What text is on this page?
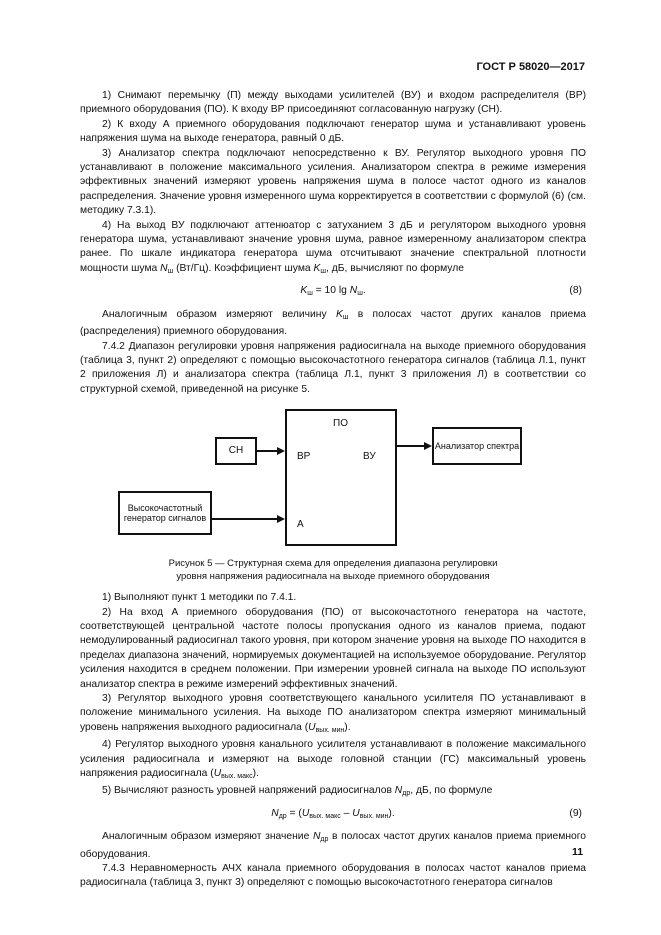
ГОСТ Р 58020—2017

1) Снимают перемычку (П) между выходами усилителей (ВУ) и входом распределителя (ВР) приемного оборудования (ПО). К входу ВР присоединяют согласованную нагрузку (СН).

2) К входу А приемного оборудования подключают генератор шума и устанавливают уровень напряжения шума на выходе генератора, равный 0 дБ.

3) Анализатор спектра подключают непосредственно к ВУ. Регулятор выходного уровня ПО устанавливают в положение максимального усиления. Анализатором спектра в режиме измерения эффективных значений измеряют уровень напряжения шума в полосе частот одного из каналов распределения. Значение уровня измеренного шума корректируется в соответствии с формулой (6) (см. методику 7.3.1).

4) На выход ВУ подключают аттенюатор с затуханием 3 дБ и регулятором выходного уровня генератора шума, устанавливают значение уровня шума, равное измеренному анализатором спектра ранее. По шкале индикатора генератора шума отсчитывают значение спектральной плотности мощности шума $N_ш$ (Вт/Гц). Коэффициент шума $K_ш$, дБ, вычисляют по формуле

$K_ш = 10$ $\lg N_ш$.	(8)

Аналогичным образом измеряют величину $K_ш$ в полосах частот других каналов приема (распределения) приемного оборудования.

7.4.2 Диапазон регулировки уровня напряжения радиосигнала на выходе приемного оборудования (таблица 3, пункт 2) определяют с помощью высокочастотного генератора сигналов (таблица Л.1, пункт 2 приложения Л) и анализатора спектра (таблица Л.1, пункт 3 приложения Л) в соответствии со структурной схемой, приведенной на рисунке 5.

ПО
ВР	ВУ
А
СН	Анализатор спектра
Высокочастотный генератор сигналов
Рисунок 5 — Структурная схема для определения диапазона регулировки
уровня напряжения радиосигнала на выходе приемного оборудования

1) Выполняют пункт 1 методики по 7.4.1.

2) На вход А приемного оборудования (ПО) от высокочастотного генератора на частоте, соответствующей центральной частоте полосы пропускания одного из каналов приема, подают немодулированный радиосигнал такого уровня, при котором значение уровня на выходе ПО находится в пределах диапазона значений, нормируемых документацией на используемое оборудование. Регулятор усиления находится в среднем положении. При измерении уровней сигнала на выходе ПО используют анализатор спектра в режиме измерений эффективных значений.

3) Регулятор выходного уровня соответствующего канального усилителя ПО устанавливают в положение минимального усиления. На выходе ПО анализатором спектра измеряют минимальный уровень напряжения выходного радиосигнала $(U_{вых. мин})$.

4) Регулятор выходного уровня канального усилителя устанавливают в положение максимального усиления радиосигнала и измеряют на выходе головной станции (ГС) максимальный уровень напряжения радиосигнала $(U_{вых. макс})$.

5) Вычисляют разность уровней напряжений радиосигналов $N_{др}$, дБ, по формуле

$N_{др} = (U_{вых. макс} - U_{вых. мин})$.	(9)

Аналогичным образом измеряют значение $N_{др}$ в полосах частот других каналов приема приемного оборудования.

7.4.3 Неравномерность АЧХ канала приемного оборудования в полосах частот каналов приема радиосигнала (таблица 3, пункт 3) определяют с помощью высокочастотного генератора сигналов

11
